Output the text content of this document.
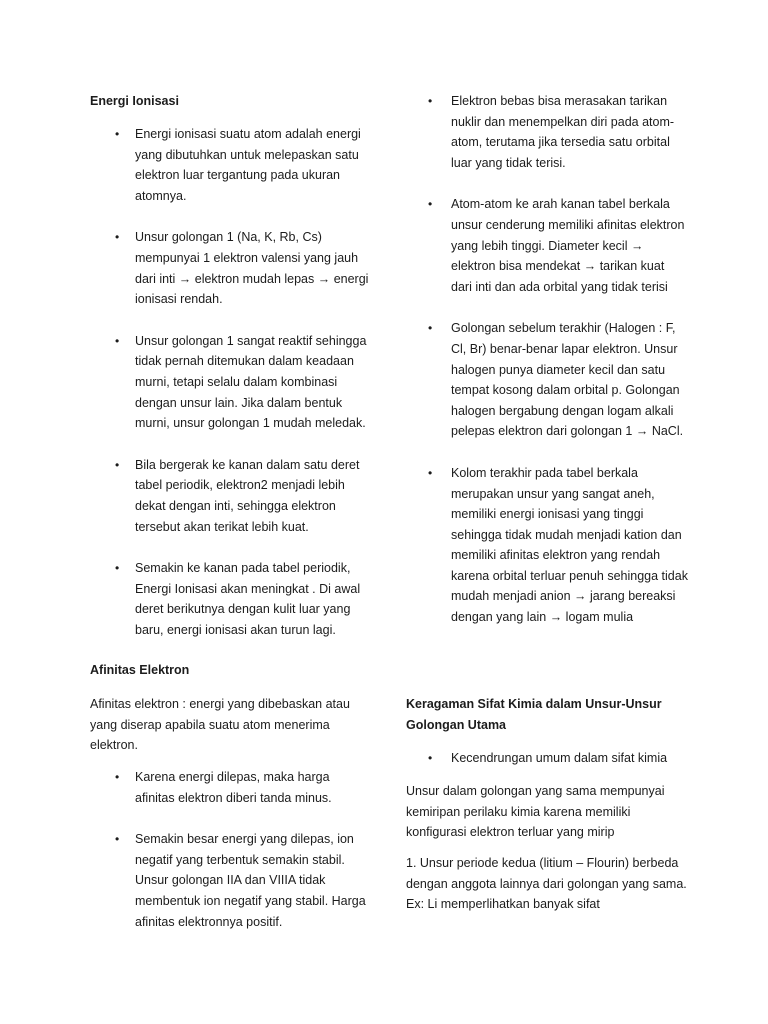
Energi Ionisasi

• Energi ionisasi suatu atom adalah energi yang dibutuhkan untuk melepaskan satu elektron luar tergantung pada ukuran atomnya.
• Unsur golongan 1 (Na, K, Rb, Cs) mempunyai 1 elektron valensi yang jauh dari inti → elektron mudah lepas → energi ionisasi rendah.
• Unsur golongan 1 sangat reaktif sehingga tidak pernah ditemukan dalam keadaan murni, tetapi selalu dalam kombinasi dengan unsur lain. Jika dalam bentuk murni, unsur golongan 1 mudah meledak.
• Bila bergerak ke kanan dalam satu deret tabel periodik, elektron2 menjadi lebih dekat dengan inti, sehingga elektron tersebut akan terikat lebih kuat.
• Semakin ke kanan pada tabel periodik, Energi Ionisasi akan meningkat . Di awal deret berikutnya dengan kulit luar yang baru, energi ionisasi akan turun lagi.

Afinitas Elektron

Afinitas elektron : energi yang dibebaskan atau yang diserap apabila suatu atom menerima elektron.

• Karena energi dilepas, maka harga afinitas elektron diberi tanda minus.
• Semakin besar energi yang dilepas, ion negatif yang terbentuk semakin stabil. Unsur golongan IIA dan VIIIA tidak membentuk ion negatif yang stabil. Harga afinitas elektronnya positif.
• Elektron bebas bisa merasakan tarikan nuklir dan menempelkan diri pada atom-atom, terutama jika tersedia satu orbital luar yang tidak terisi.
• Atom-atom ke arah kanan tabel berkala unsur cenderung memiliki afinitas elektron yang lebih tinggi. Diameter kecil → elektron bisa mendekat → tarikan kuat dari inti dan ada orbital yang tidak terisi
• Golongan sebelum terakhir (Halogen : F, Cl, Br) benar-benar lapar elektron. Unsur halogen punya diameter kecil dan satu tempat kosong dalam orbital p. Golongan halogen bergabung dengan logam alkali pelepas elektron dari golongan 1 → NaCl.
• Kolom terakhir pada tabel berkala merupakan unsur yang sangat aneh, memiliki energi ionisasi yang tinggi sehingga tidak mudah menjadi kation dan memiliki afinitas elektron yang rendah karena orbital terluar penuh sehingga tidak mudah menjadi anion → jarang bereaksi dengan yang lain → logam mulia

Keragaman Sifat Kimia dalam Unsur-Unsur Golongan Utama

• Kecendrungan umum dalam sifat kimia

Unsur dalam golongan yang sama mempunyai kemiripan perilaku kimia karena memiliki konfigurasi elektron terluar yang mirip

1. Unsur periode kedua (litium – Flourin) berbeda dengan anggota lainnya dari golongan yang sama. Ex: Li memperlihatkan banyak sifat
